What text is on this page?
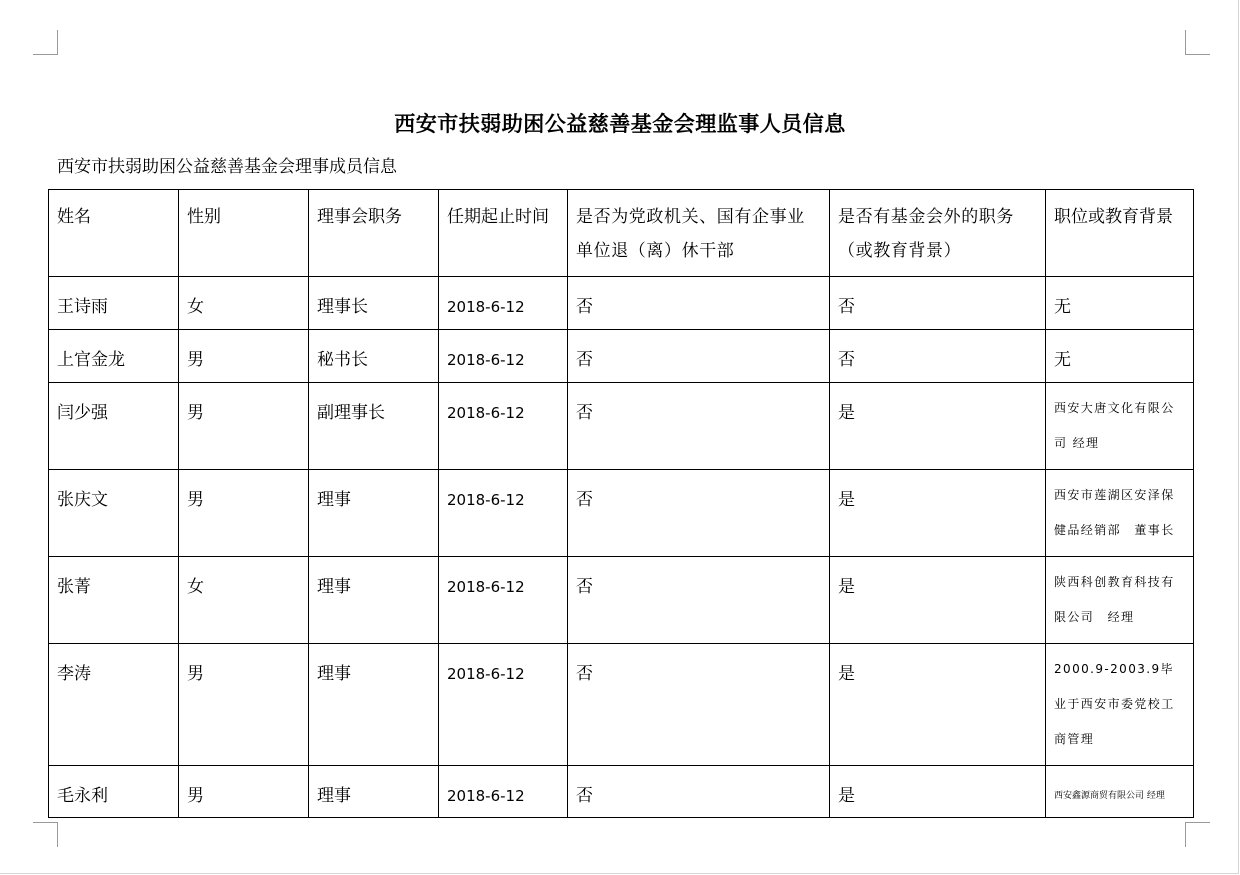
西安市扶弱助困公益慈善基金会理监事人员信息
西安市扶弱助困公益慈善基金会理事成员信息
姓名	性别	理事会职务	任期起止时间	是否为党政机关、国有企事业单位退（离）休干部	是否有基金会外的职务（或教育背景）	职位或教育背景
王诗雨	女	理事长	2018-6-12	否	否	无
上官金龙	男	秘书长	2018-6-12	否	否	无
闫少强	男	副理事长	2018-6-12	否	是	西安大唐文化有限公司 经理
张庆文	男	理事	2018-6-12	否	是	西安市莲湖区安泽保健品经销部　董事长
张菁	女	理事	2018-6-12	否	是	陕西科创教育科技有限公司　经理
李涛	男	理事	2018-6-12	否	是	2000.9-2003.9毕业于西安市委党校工商管理
毛永利	男	理事	2018-6-12	否	是	西安鑫源商贸有限公司 经理
